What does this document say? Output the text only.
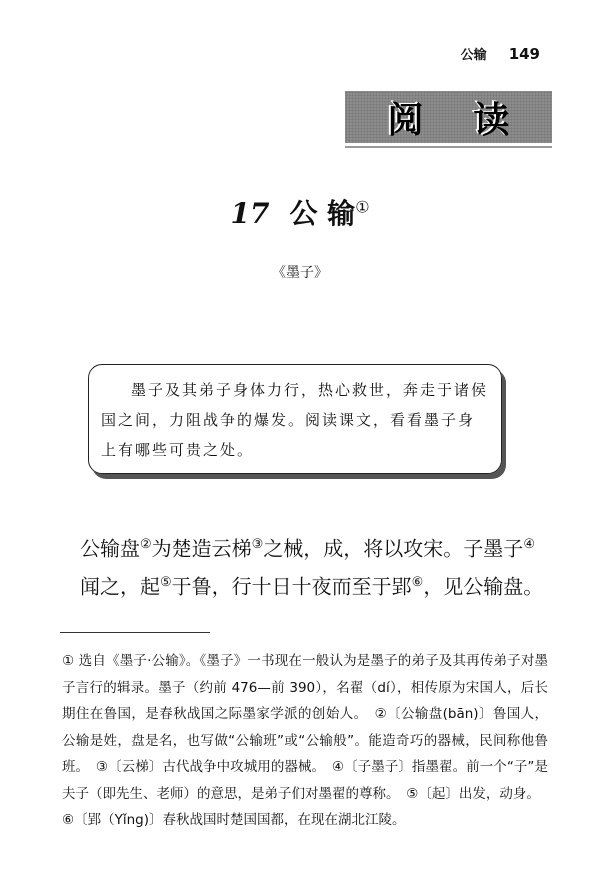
公输 149
阅 读
17 公 输①
《墨子》
墨子及其弟子身体力行，热心救世，奔走于诸侯国之间，力阻战争的爆发。阅读课文，看看墨子身上有哪些可贵之处。

公输盘②为楚造云梯③之械，成，将以攻宋。子墨子④闻之，起⑤于鲁，行十日十夜而至于郢⑥，见公输盘。

① 选自《墨子·公输》。《墨子》一书现在一般认为是墨子的弟子及其再传弟子对墨子言行的辑录。墨子（约前 476—前 390），名翟（dí），相传原为宋国人，后长期住在鲁国，是春秋战国之际墨家学派的创始人。　②〔公输盘(bān)〕鲁国人，公输是姓，盘是名，也写做“公输班”或“公输般”。能造奇巧的器械，民间称他鲁班。　③〔云梯〕古代战争中攻城用的器械。　④〔子墨子〕指墨翟。前一个“子”是夫子（即先生、老师）的意思，是弟子们对墨翟的尊称。　⑤〔起〕出发，动身。
⑥〔郢（Yǐng)〕春秋战国时楚国国都，在现在湖北江陵。
